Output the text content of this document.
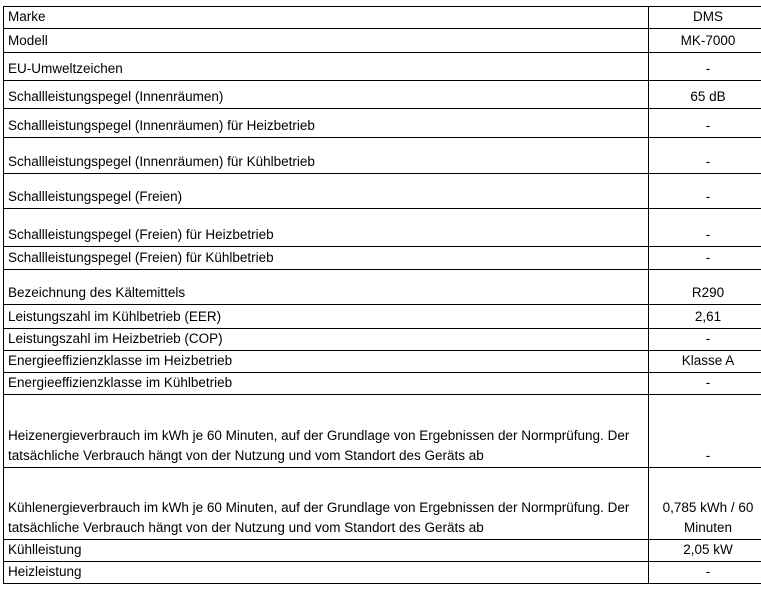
Marke	DMS
Modell	MK-7000
EU-Umweltzeichen	-
Schallleistungspegel (Innenräumen)	65 dB
Schallleistungspegel (Innenräumen) für Heizbetrieb	-
Schallleistungspegel (Innenräumen) für Kühlbetrieb	-
Schallleistungspegel (Freien)	-
Schallleistungspegel (Freien) für Heizbetrieb	-
Schallleistungspegel (Freien) für Kühlbetrieb	-
Bezeichnung des Kältemittels	R290
Leistungszahl im Kühlbetrieb (EER)	2,61
Leistungszahl im Heizbetrieb (COP)	-
Energieeffizienzklasse im Heizbetrieb	Klasse A
Energieeffizienzklasse im Kühlbetrieb	-
Heizenergieverbrauch im kWh je 60 Minuten, auf der Grundlage von Ergebnissen der Normprüfung. Der tatsächliche Verbrauch hängt von der Nutzung und vom Standort des Geräts ab	-
Kühlenergieverbrauch im kWh je 60 Minuten, auf der Grundlage von Ergebnissen der Normprüfung. Der tatsächliche Verbrauch hängt von der Nutzung und vom Standort des Geräts ab	0,785 kWh / 60 Minuten
Kühlleistung	2,05 kW
Heizleistung	-
